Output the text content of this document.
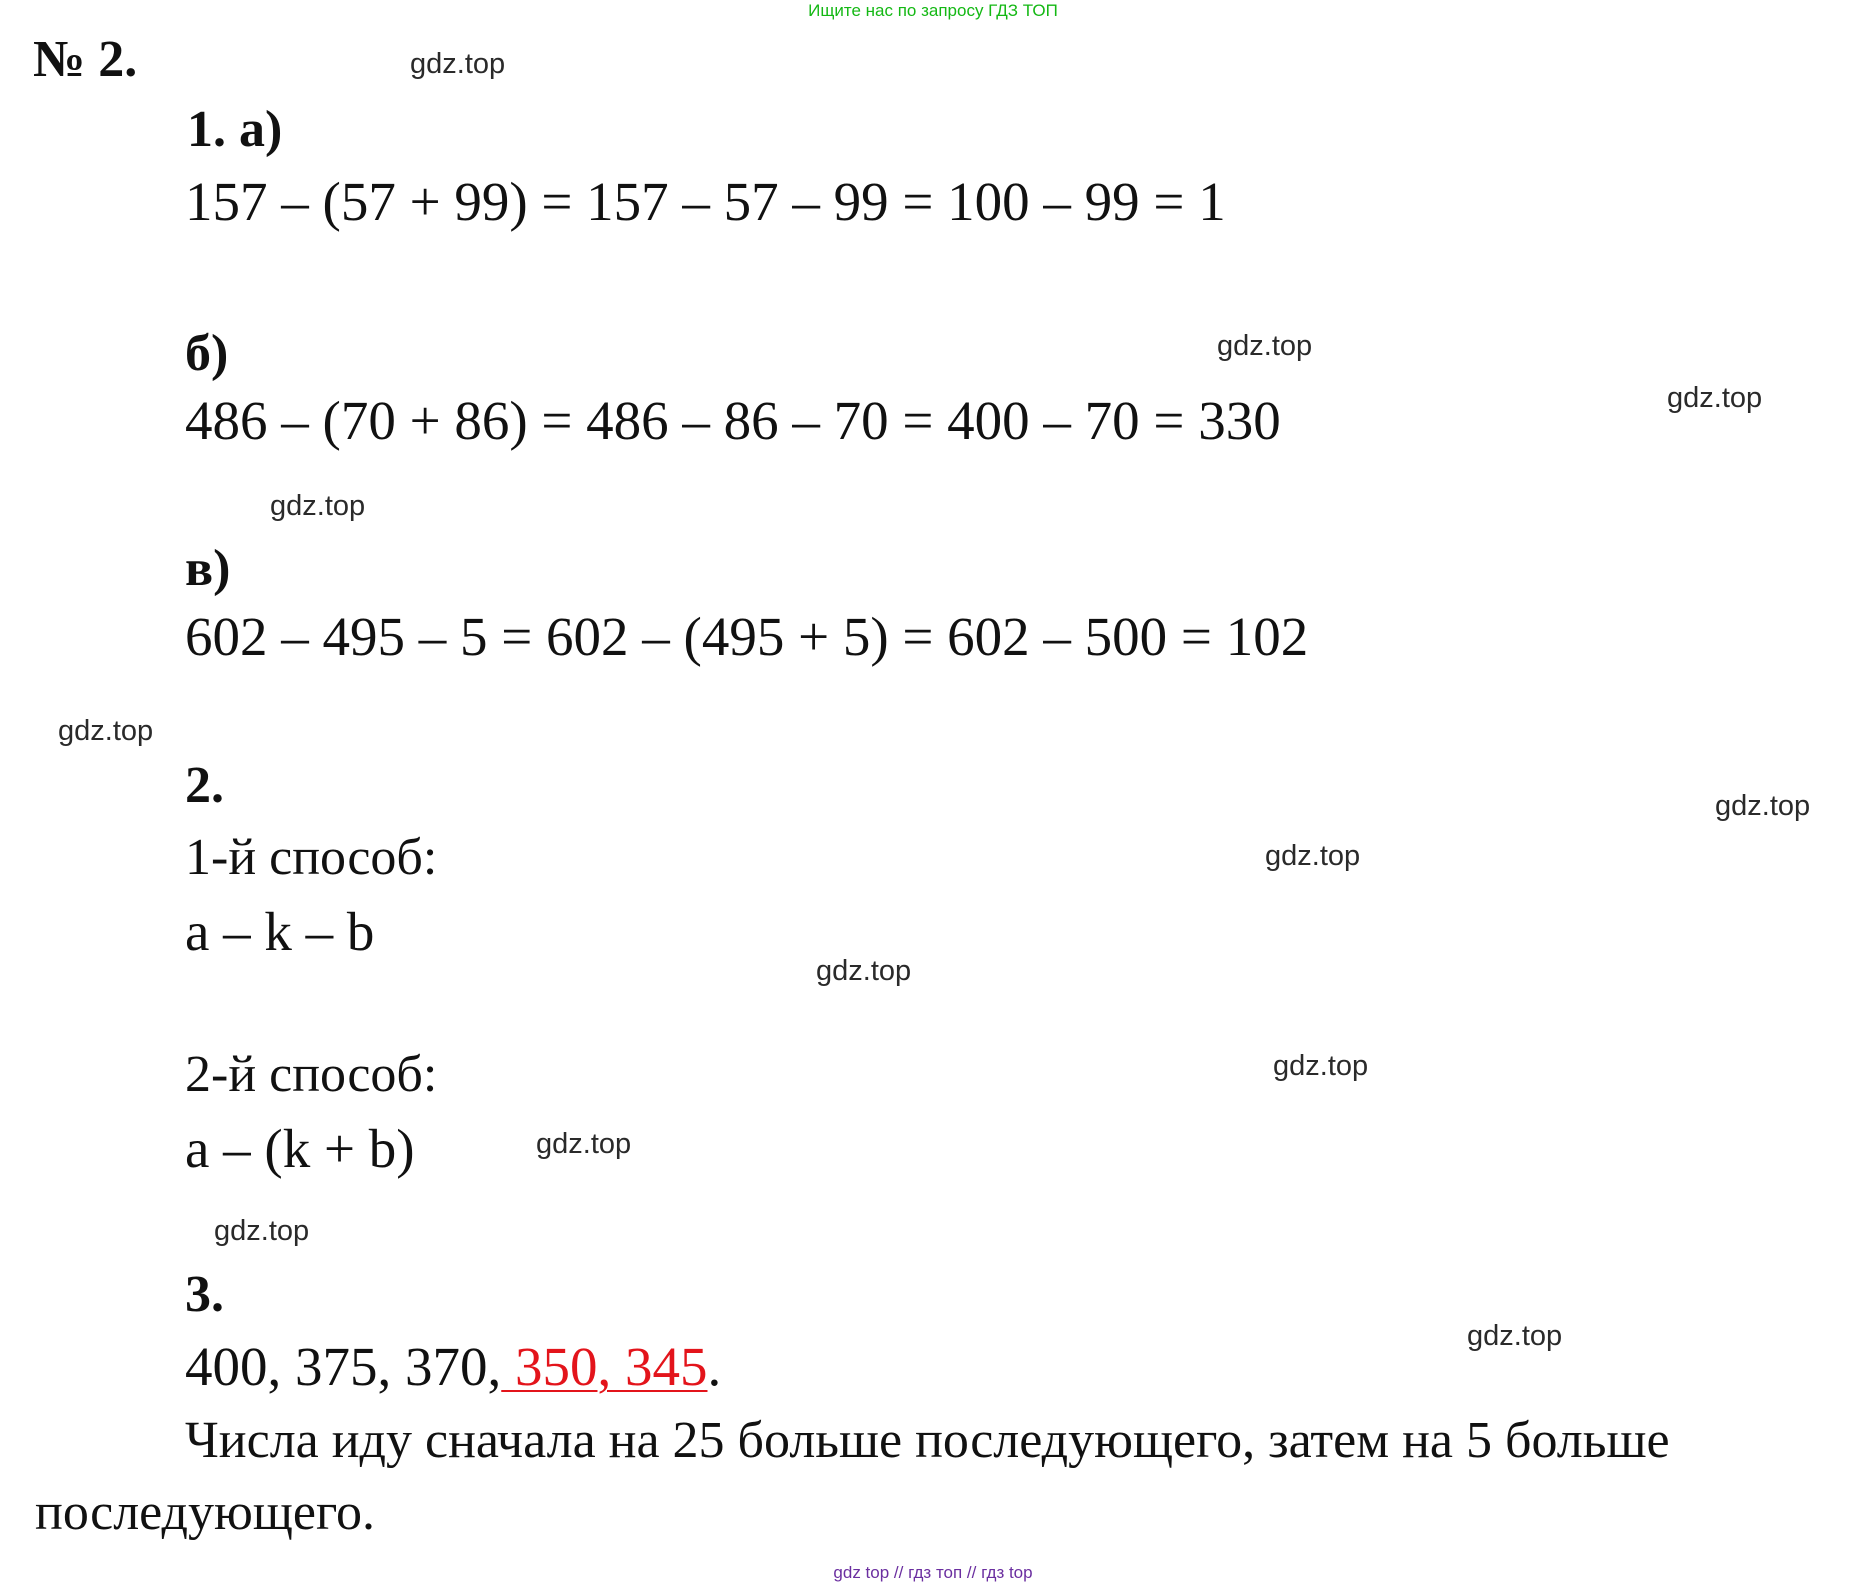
Ищите нас по запросу ГДЗ ТОП
№ 2.
1. а)
157 – (57 + 99) = 157 – 57 – 99 = 100 – 99 = 1
б)
486 – (70 + 86) = 486 – 86 – 70 = 400 – 70 = 330
в)
602 – 495 – 5 = 602 – (495 + 5) = 602 – 500 = 102
2.
1-й способ:
a – k – b
2-й способ:
a – (k + b)
3.
400, 375, 370, 350, 345.
Числа иду сначала на 25 больше последующего, затем на 5 больше последующего.
gdz.top
gdz.top
gdz.top
gdz.top
gdz.top
gdz.top
gdz.top
gdz.top
gdz.top
gdz.top
gdz.top
gdz.top
gdz top // гдз топ // гдз top
